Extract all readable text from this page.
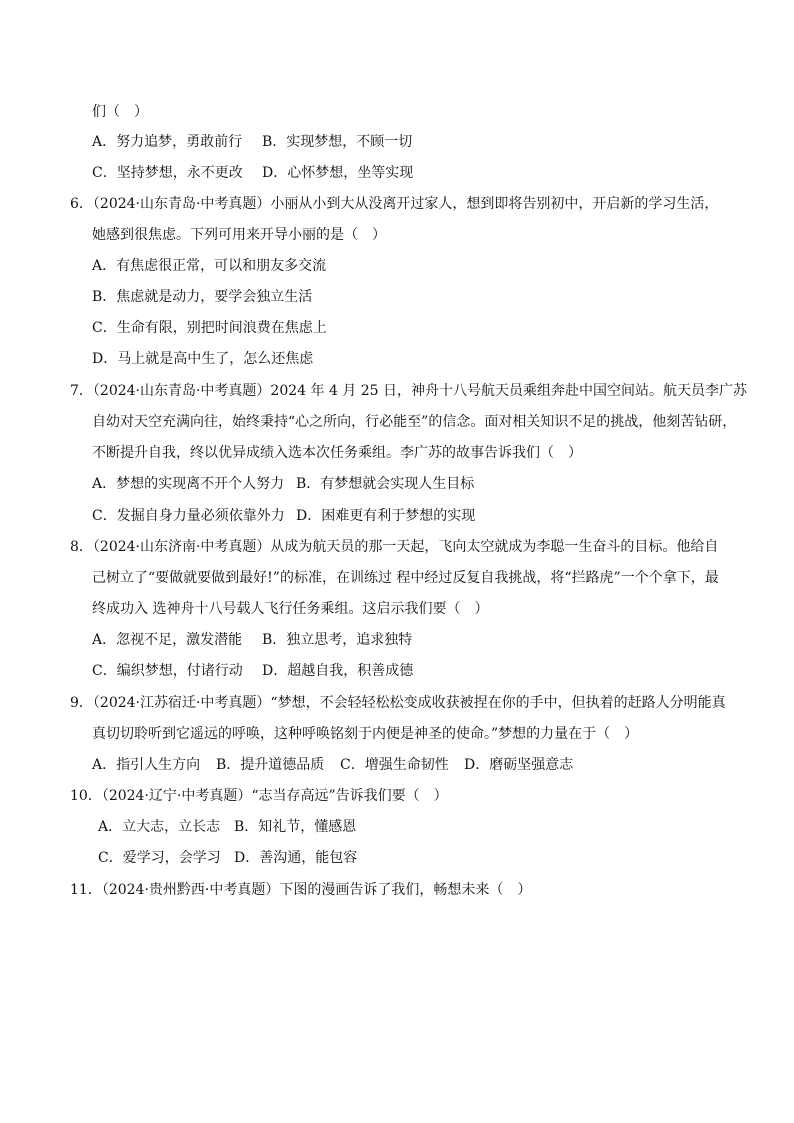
们（　）
A．努力追梦，勇敢前行 B．实现梦想，不顾一切
C．坚持梦想，永不更改 D．心怀梦想，坐等实现
6．（2024·山东青岛·中考真题）小丽从小到大从没离开过家人，想到即将告别初中，开启新的学习生活，
她感到很焦虑。下列可用来开导小丽的是（　）
A．有焦虑很正常，可以和朋友多交流
B．焦虑就是动力，要学会独立生活
C．生命有限，别把时间浪费在焦虑上
D．马上就是高中生了，怎么还焦虑
7．（2024·山东青岛·中考真题）2024 年 4 月 25 日，神舟十八号航天员乘组奔赴中国空间站。航天员李广苏
自幼对天空充满向往，始终秉持“心之所向，行必能至”的信念。面对相关知识不足的挑战，他刻苦钻研，
不断提升自我，终以优异成绩入选本次任务乘组。李广苏的故事告诉我们（　）
A．梦想的实现离不开个人努力 B．有梦想就会实现人生目标
C．发掘自身力量必须依靠外力 D．困难更有利于梦想的实现
8．（2024·山东济南·中考真题）从成为航天员的那一天起，飞向太空就成为李聪一生奋斗的目标。他给自
己树立了“要做就要做到最好!”的标准，在训练过 程中经过反复自我挑战，将“拦路虎”一个个拿下，最
终成功入 选神舟十八号载人飞行任务乘组。这启示我们要（　）
A．忽视不足，激发潜能 B．独立思考，追求独特
C．编织梦想，付诸行动 D．超越自我，积善成德
9．（2024·江苏宿迁·中考真题）“梦想，不会轻轻松松变成收获被捏在你的手中，但执着的赶路人分明能真
真切切聆听到它遥远的呼唤，这种呼唤铭刻于内便是神圣的使命。”梦想的力量在于（　）
A．指引人生方向 B．提升道德品质 C．增强生命韧性 D．磨砺坚强意志
10．（2024·辽宁·中考真题）“志当存高远”告诉我们要（　）
A．立大志，立长志 B．知礼节，懂感恩
C．爱学习，会学习 D．善沟通，能包容
11．（2024·贵州黔西·中考真题）下图的漫画告诉了我们，畅想未来（　）
